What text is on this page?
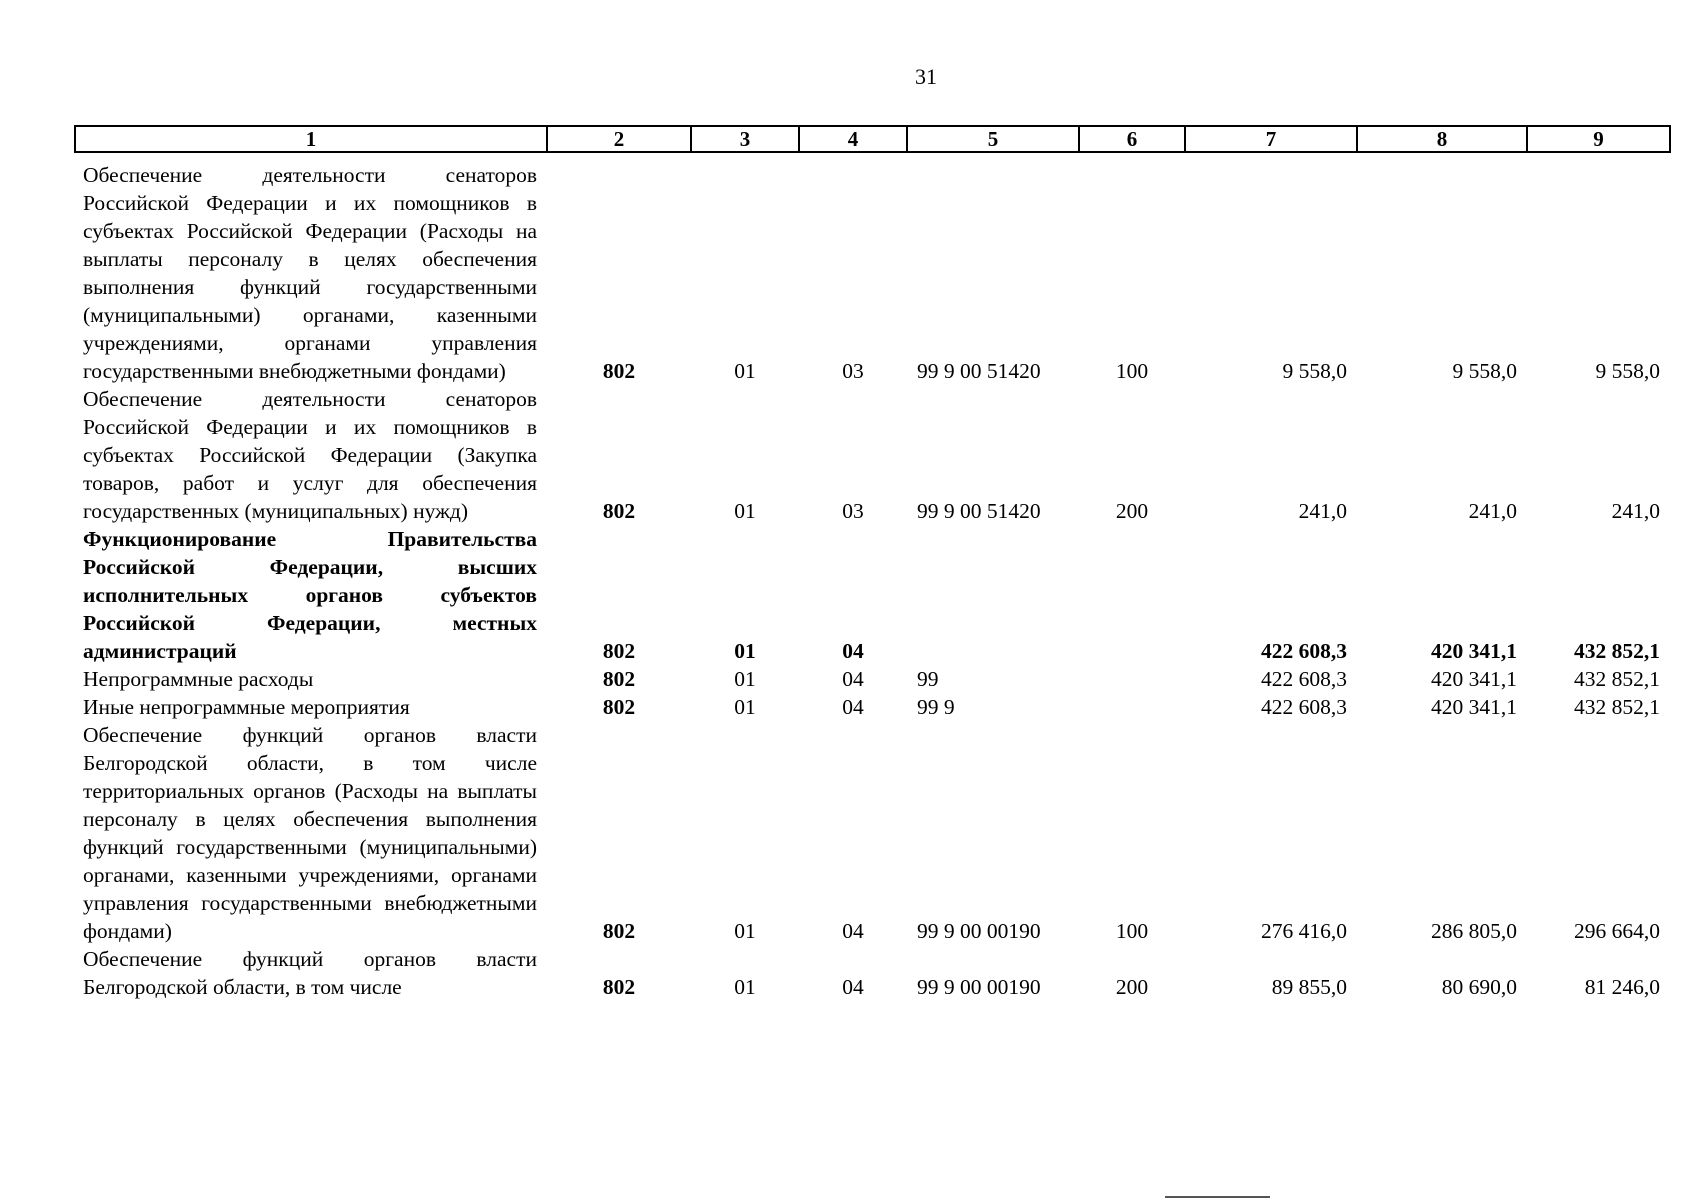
31
1	2	3	4	5	6	7	8	9

Обеспечение деятельности сенаторов Российской Федерации и их помощников в субъектах Российской Федерации (Расходы на выплаты персоналу в целях обеспечения выполнения функций государственными (муниципальными) органами, казенными учреждениями, органами управления государственными внебюджетными фондами)	802	01	03	99 9 00 51420	100	9 558,0	9 558,0	9 558,0
Обеспечение деятельности сенаторов Российской Федерации и их помощников в субъектах Российской Федерации (Закупка товаров, работ и услуг для обеспечения государственных (муниципальных) нужд)	802	01	03	99 9 00 51420	200	241,0	241,0	241,0
Функционирование Правительства Российской Федерации, высших исполнительных органов субъектов Российской Федерации, местных администраций	802	01	04			422 608,3	420 341,1	432 852,1
Непрограммные расходы	802	01	04	99		422 608,3	420 341,1	432 852,1
Иные непрограммные мероприятия	802	01	04	99 9		422 608,3	420 341,1	432 852,1
Обеспечение функций органов власти Белгородской области, в том числе территориальных органов (Расходы на выплаты персоналу в целях обеспечения выполнения функций государственными (муниципальными) органами, казенными учреждениями, органами управления государственными внебюджетными фондами)	802	01	04	99 9 00 00190	100	276 416,0	286 805,0	296 664,0
Обеспечение функций органов власти Белгородской области, в том числе	802	01	04	99 9 00 00190	200	89 855,0	80 690,0	81 246,0
